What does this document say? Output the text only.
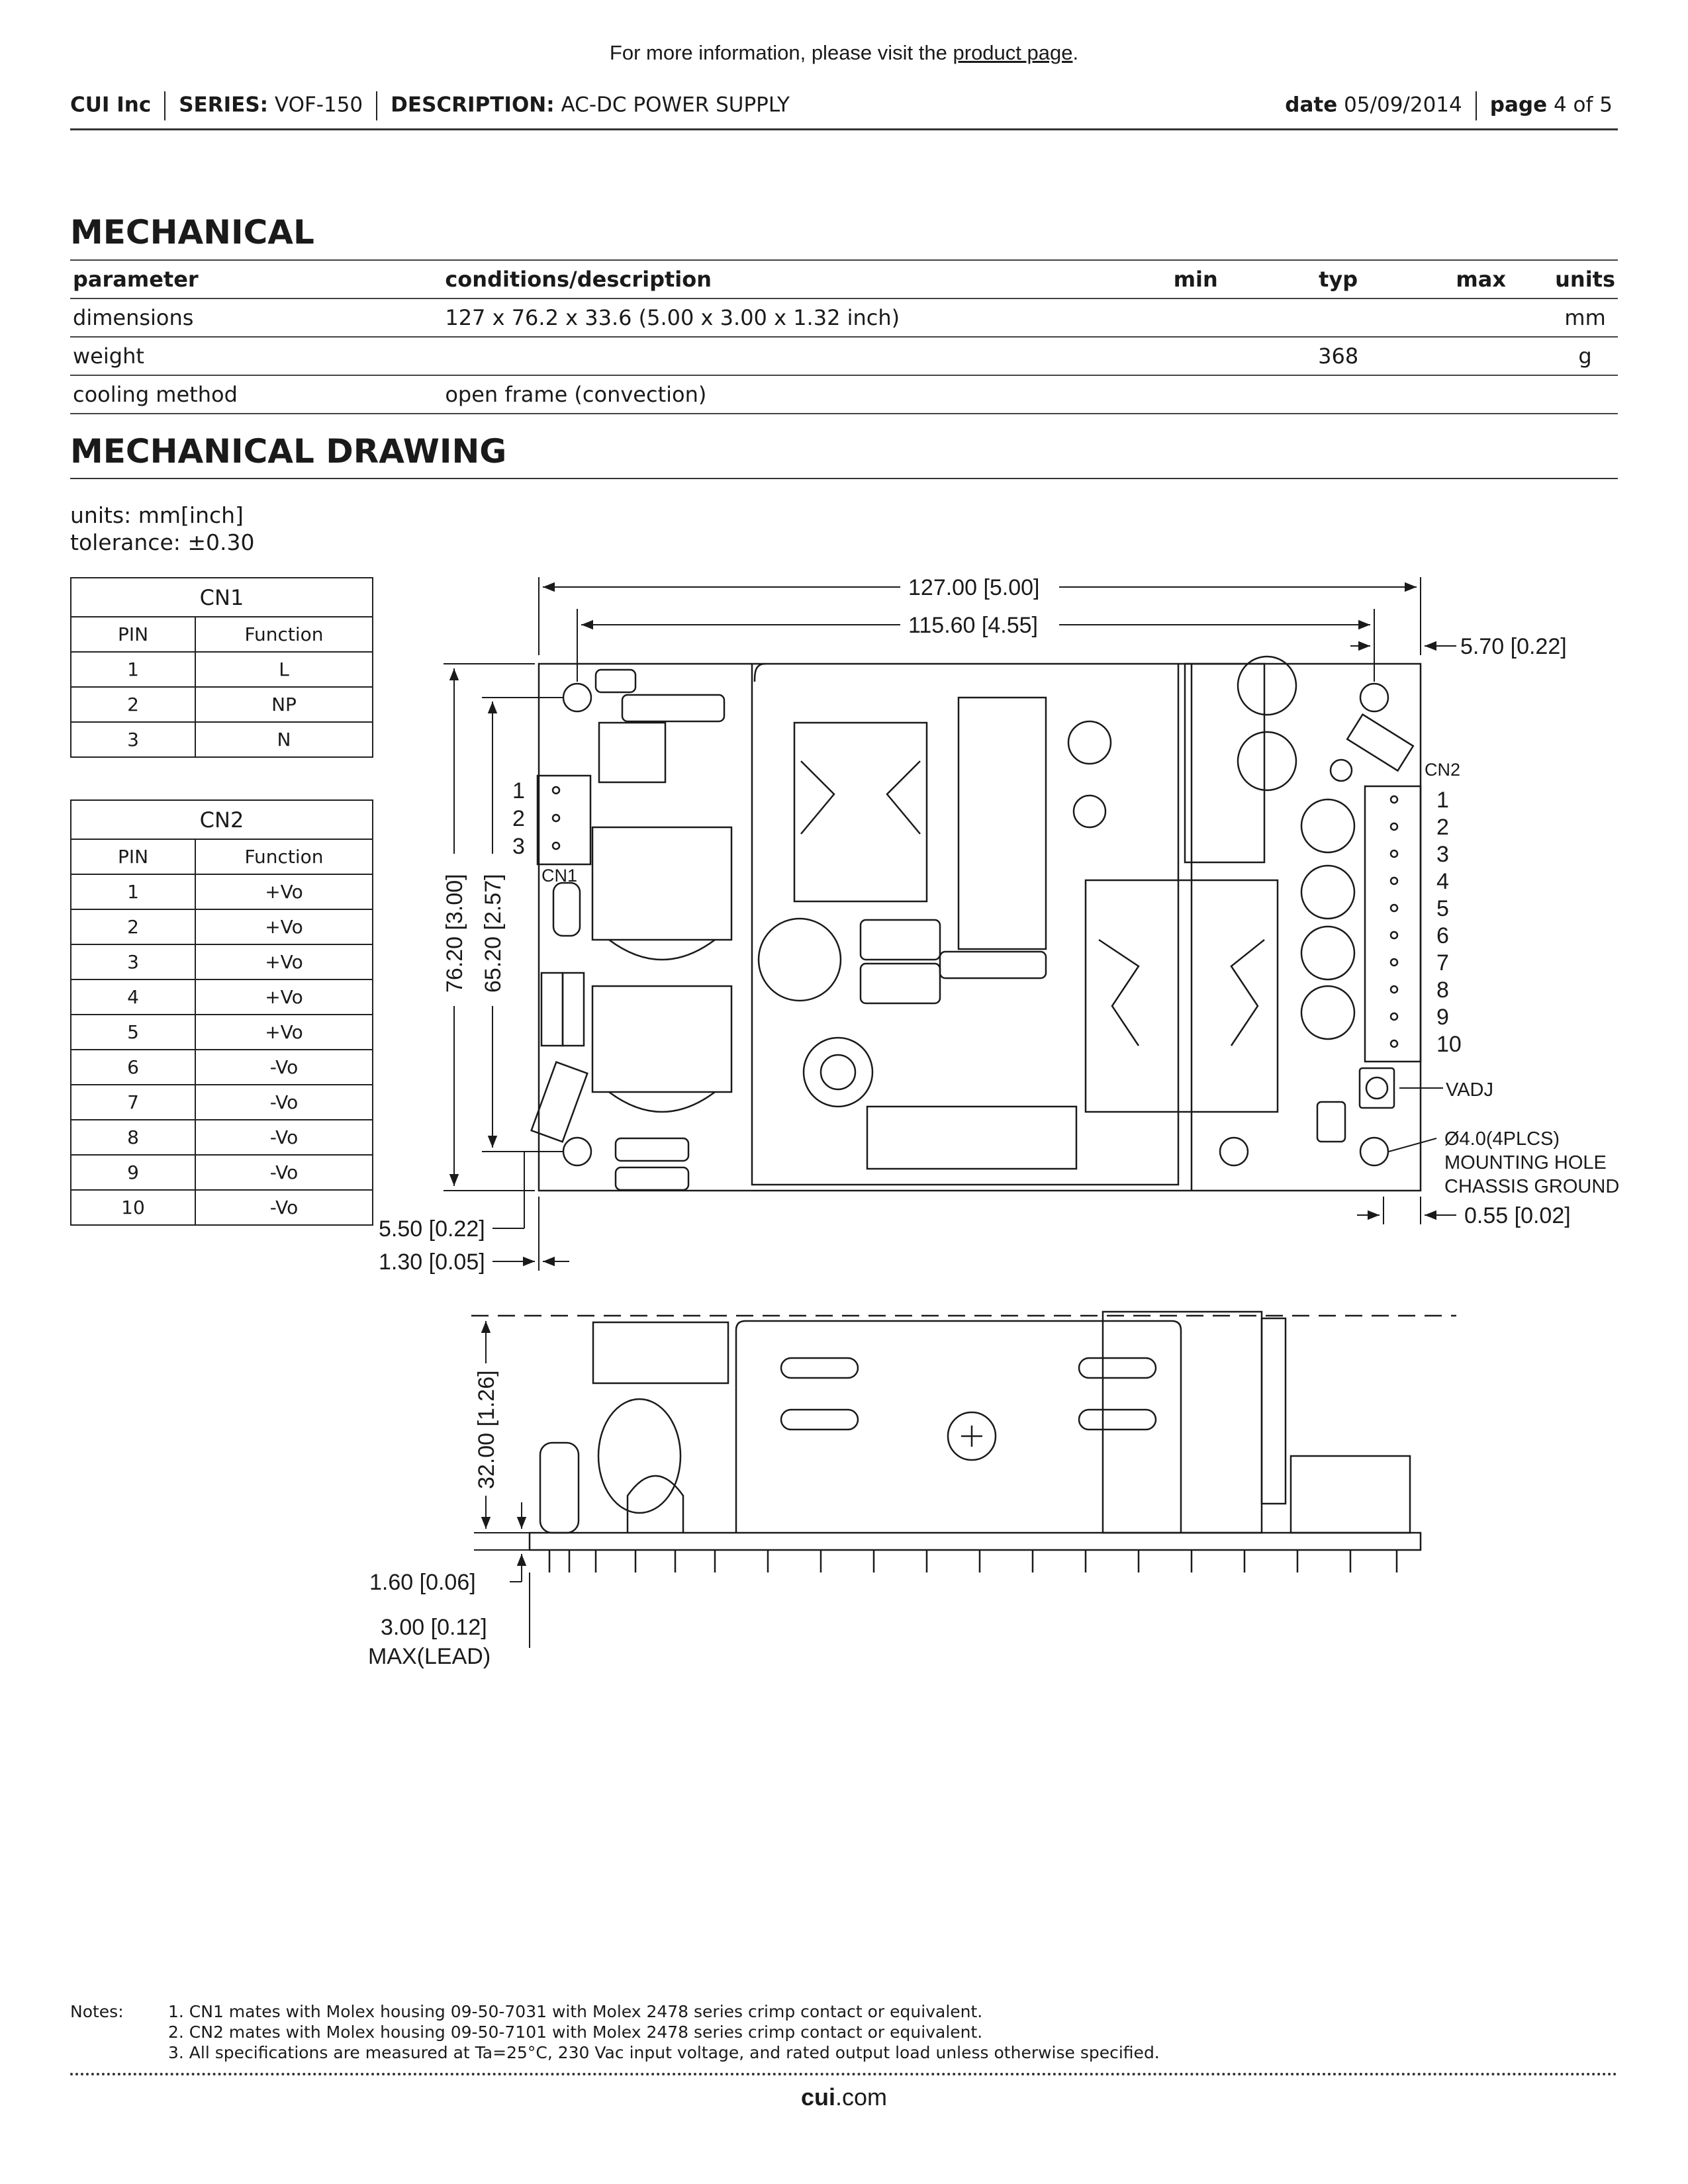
For more information, please visit the product page.
CUI Inc SERIES: VOF-150 DESCRIPTION: AC-DC POWER SUPPLY	date 05/09/2014 page 4 of 5
MECHANICAL
parameter	conditions/description	min	typ	max	units
dimensions	127 x 76.2 x 33.6 (5.00 x 3.00 x 1.32 inch)				mm
weight			368		g
cooling method	open frame (convection)				
MECHANICAL DRAWING
units: mm[inch]
tolerance: ±0.30
CN1	
PIN	Function
1	L
2	NP
3	N
CN2	
PIN	Function
1	+Vo
2	+Vo
3	+Vo
4	+Vo
5	+Vo
6	-Vo
7	-Vo
8	-Vo
9	-Vo
10	-Vo
127.00 [5.00]
115.60 [4.55]
5.70 [0.22]
76.20 [3.00] 65.20 [2.57]
5.50 [0.22]
1.30 [0.05]
0.55 [0.02]
CN1
CN2
1
2
3
1
2
3
4
5
6
7
8
9
10
VADJ
Ø4.0(4PLCS)
MOUNTING HOLE
CHASSIS GROUND
32.00 [1.26]
1.60 [0.06]
3.00 [0.12]
MAX(LEAD)
Notes:	1. CN1 mates with Molex housing 09-50-7031 with Molex 2478 series crimp contact or equivalent.
2. CN2 mates with Molex housing 09-50-7101 with Molex 2478 series crimp contact or equivalent.
3. All specifications are measured at Ta=25°C, 230 Vac input voltage, and rated output load unless otherwise specified.
cui.com
